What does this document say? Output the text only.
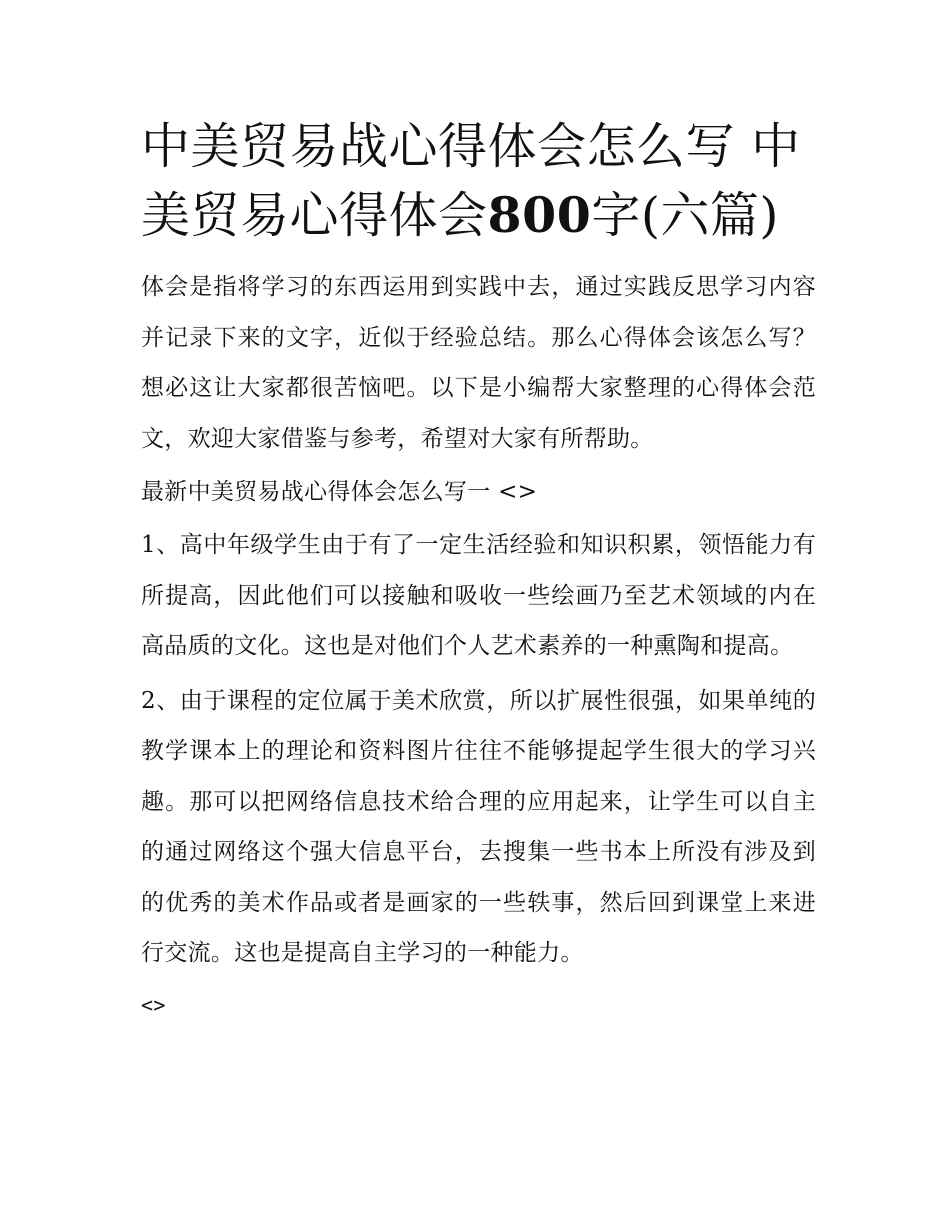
中美贸易战心得体会怎么写 中美贸易心得体会800字(六篇)

体会是指将学习的东西运用到实践中去，通过实践反思学习内容并记录下来的文字，近似于经验总结。那么心得体会该怎么写？想必这让大家都很苦恼吧。以下是小编帮大家整理的心得体会范文，欢迎大家借鉴与参考，希望对大家有所帮助。

最新中美贸易战心得体会怎么写一 <>

1、高中年级学生由于有了一定生活经验和知识积累，领悟能力有所提高，因此他们可以接触和吸收一些绘画乃至艺术领域的内在高品质的文化。这也是对他们个人艺术素养的一种熏陶和提高。

2、由于课程的定位属于美术欣赏，所以扩展性很强，如果单纯的教学课本上的理论和资料图片往往不能够提起学生很大的学习兴趣。那可以把网络信息技术给合理的应用起来，让学生可以自主的通过网络这个强大信息平台，去搜集一些书本上所没有涉及到的优秀的美术作品或者是画家的一些轶事，然后回到课堂上来进行交流。这也是提高自主学习的一种能力。

<>
